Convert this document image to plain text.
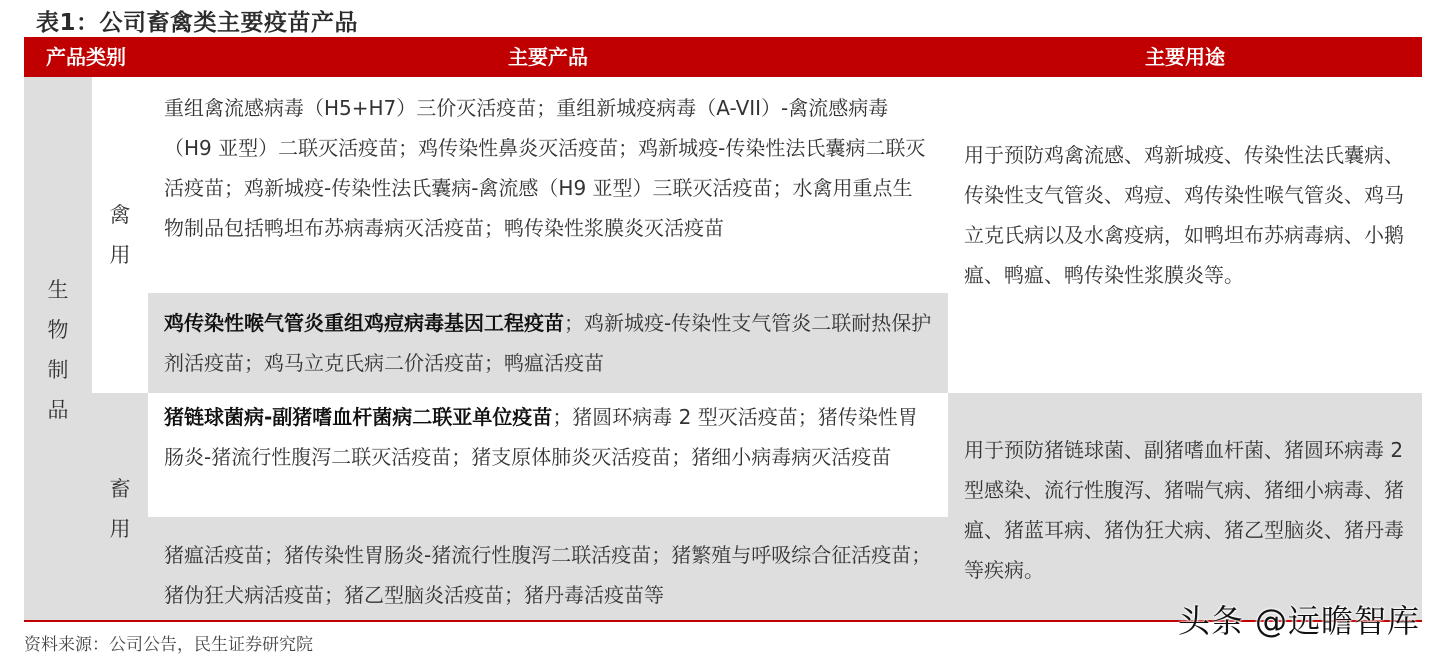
表1：公司畜禽类主要疫苗产品
产品类别	主要产品	主要用途
生
物
制
品
禽
用
畜
用
重组禽流感病毒（H5+H7）三价灭活疫苗；重组新城疫病毒（A-VII）-禽流感病毒（H9 亚型）二联灭活疫苗；鸡传染性鼻炎灭活疫苗；鸡新城疫-传染性法氏囊病二联灭活疫苗；鸡新城疫-传染性法氏囊病-禽流感（H9 亚型）三联灭活疫苗；水禽用重点生物制品包括鸭坦布苏病毒病灭活疫苗；鸭传染性浆膜炎灭活疫苗
鸡传染性喉气管炎重组鸡痘病毒基因工程疫苗；鸡新城疫-传染性支气管炎二联耐热保护剂活疫苗；鸡马立克氏病二价活疫苗；鸭瘟活疫苗
用于预防鸡禽流感、鸡新城疫、传染性法氏囊病、传染性支气管炎、鸡痘、鸡传染性喉气管炎、鸡马立克氏病以及水禽疫病，如鸭坦布苏病毒病、小鹅瘟、鸭瘟、鸭传染性浆膜炎等。
猪链球菌病-副猪嗜血杆菌病二联亚单位疫苗；猪圆环病毒 2 型灭活疫苗；猪传染性胃肠炎-猪流行性腹泻二联灭活疫苗；猪支原体肺炎灭活疫苗；猪细小病毒病灭活疫苗
猪瘟活疫苗；猪传染性胃肠炎-猪流行性腹泻二联活疫苗；猪繁殖与呼吸综合征活疫苗；猪伪狂犬病活疫苗；猪乙型脑炎活疫苗；猪丹毒活疫苗等
用于预防猪链球菌、副猪嗜血杆菌、猪圆环病毒 2 型感染、流行性腹泻、猪喘气病、猪细小病毒、猪瘟、猪蓝耳病、猪伪狂犬病、猪乙型脑炎、猪丹毒等疾病。
资料来源：公司公告，民生证券研究院
头条 @远瞻智库
